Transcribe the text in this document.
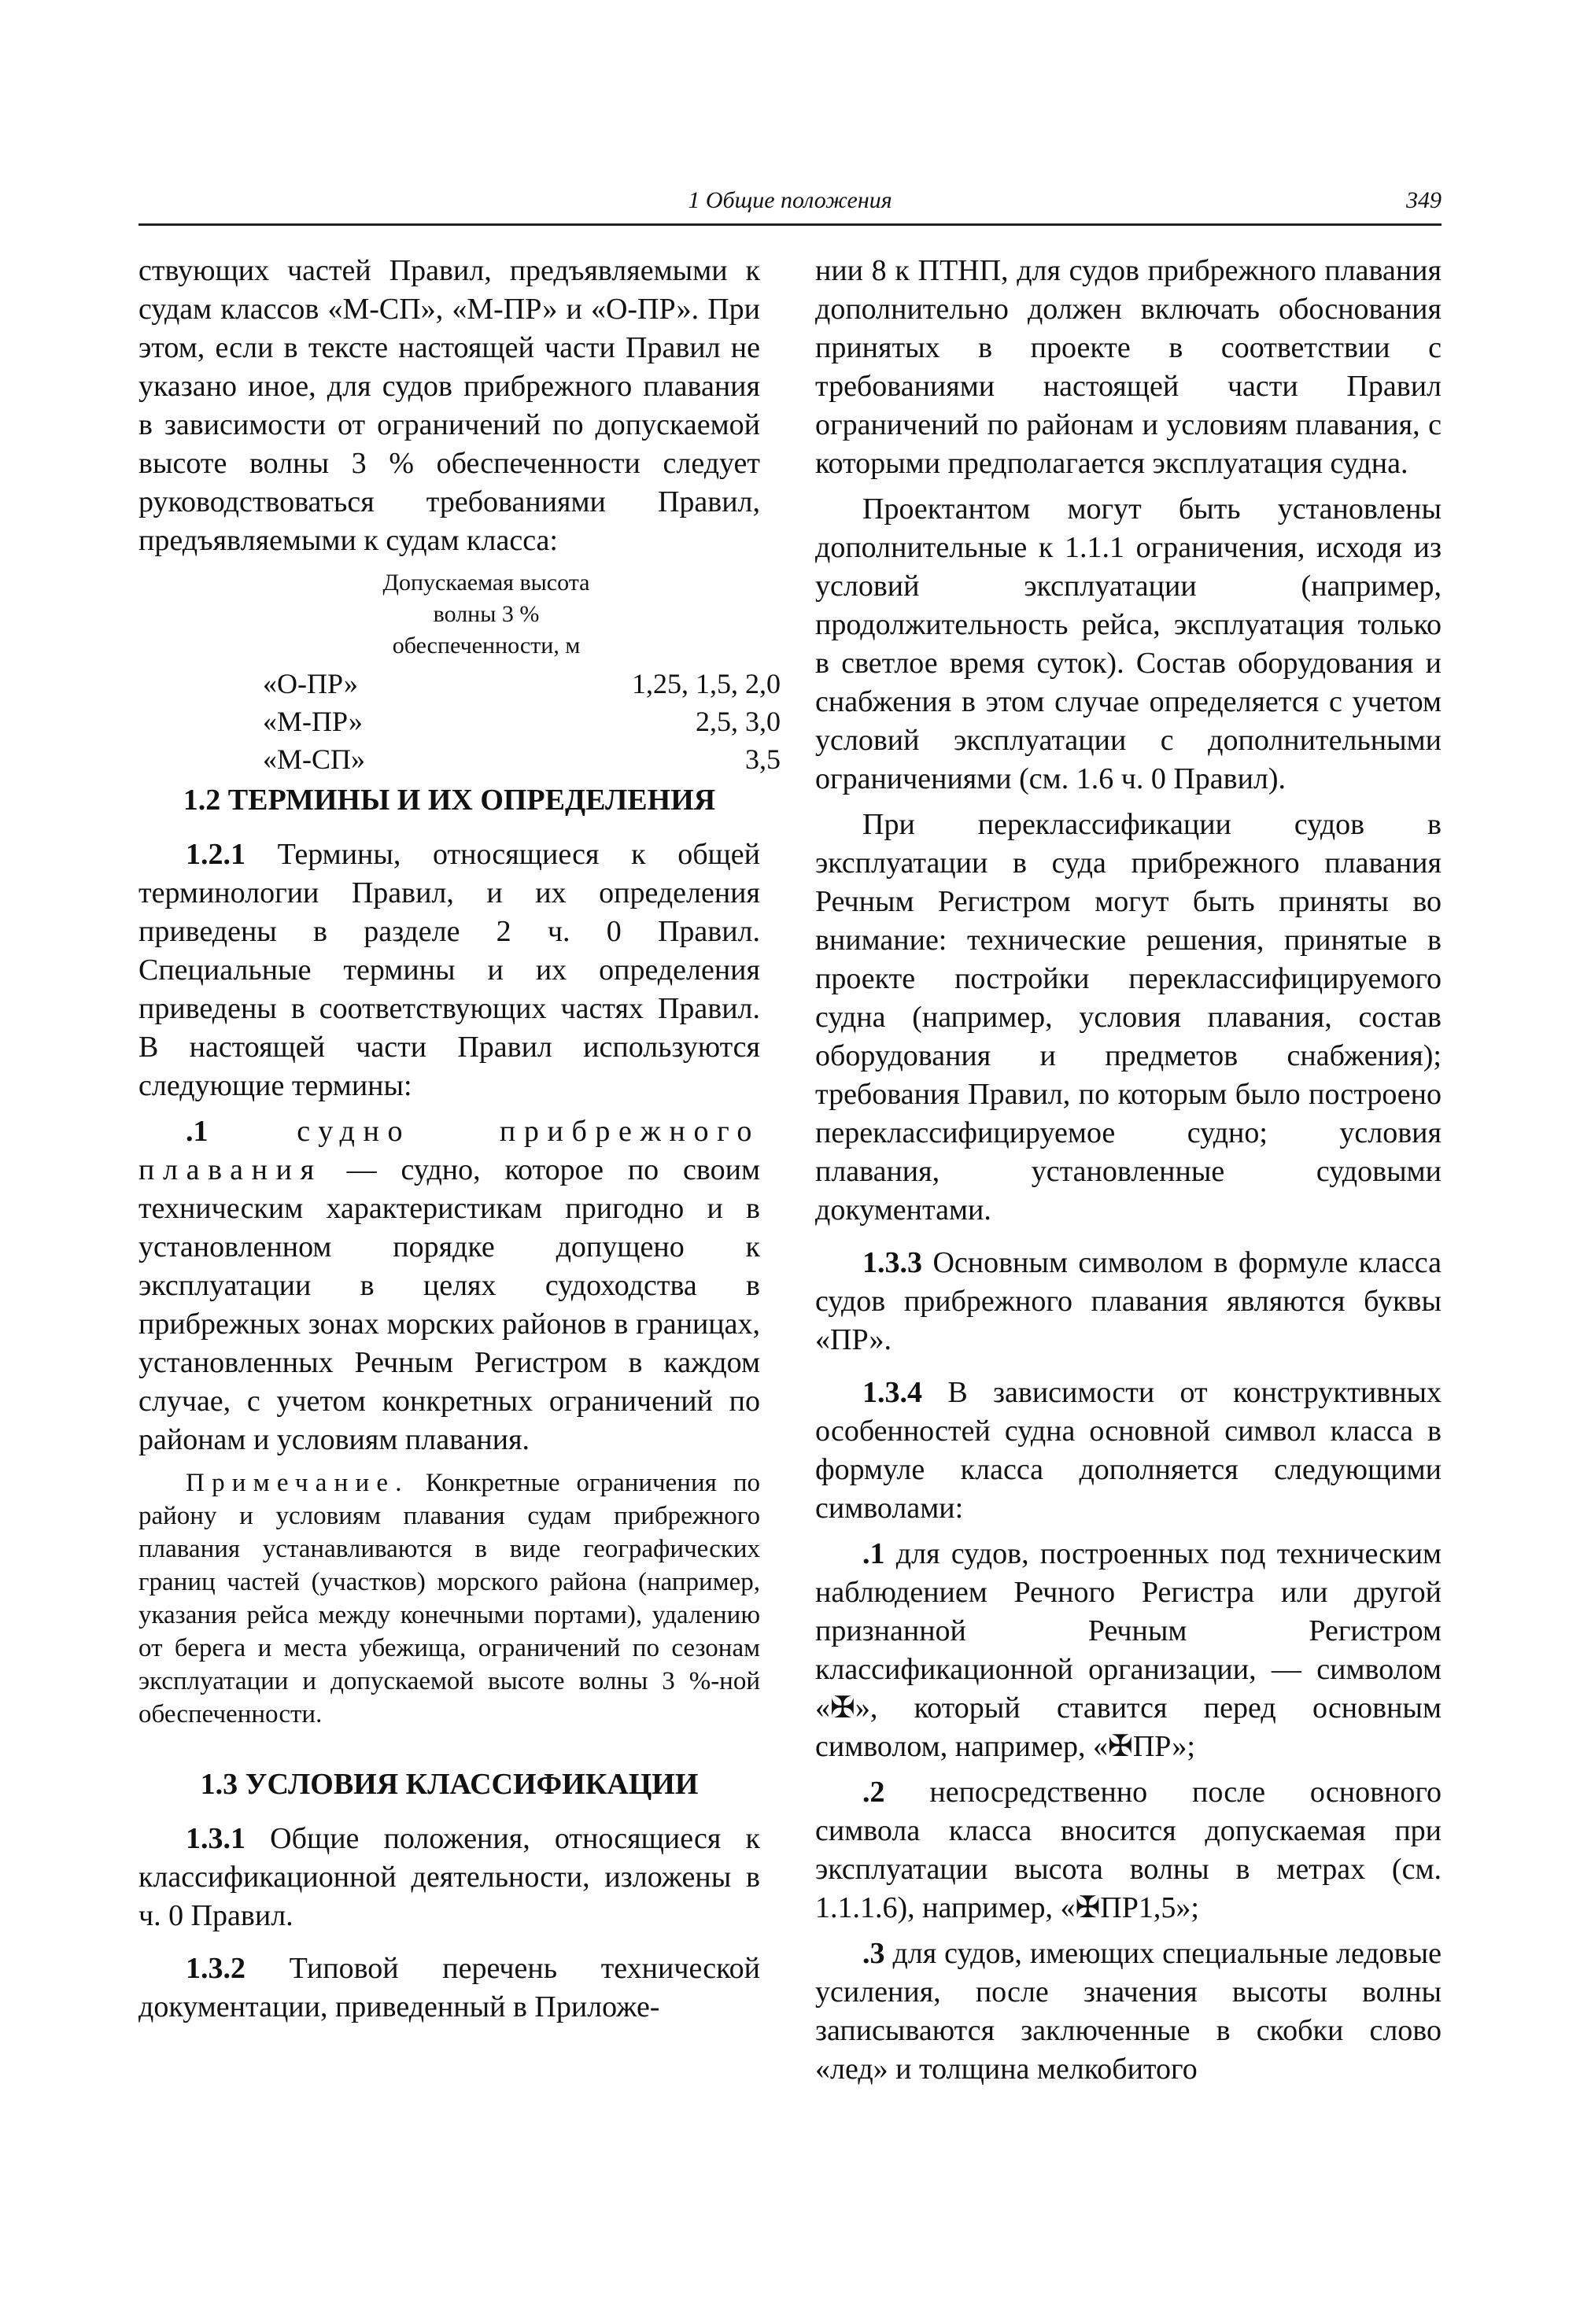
1 Общие положения	349

ствующих частей Правил, предъявляемыми к судам классов «М-СП», «М-ПР» и «О-ПР». При этом, если в тексте настоящей части Правил не указано иное, для судов прибрежного плавания в зависимости от ограничений по допускаемой высоте волны 3 % обеспеченности следует руководствоваться требованиями Правил, предъявляемыми к судам класса:

Допускаемая высота волны 3 % обеспеченности, м
«О-ПР»	1,25, 1,5, 2,0
«М-ПР»	2,5, 3,0
«М-СП»	3,5
1.2 ТЕРМИНЫ И ИХ ОПРЕДЕЛЕНИЯ

1.2.1 Термины, относящиеся к общей терминологии Правил, и их определения приведены в разделе 2 ч. 0 Правил. Специальные термины и их определения приведены в соответствующих частях Правил. В настоящей части Правил используются следующие термины:

.1 судно прибрежного плавания — судно, которое по своим техническим характеристикам пригодно и в установленном порядке допущено к эксплуатации в целях судоходства в прибрежных зонах морских районов в границах, установленных Речным Регистром в каждом случае, с учетом конкретных ограничений по районам и условиям плавания.

Примечание. Конкретные ограничения по району и условиям плавания судам прибрежного плавания устанавливаются в виде географических границ частей (участков) морского района (например, указания рейса между конечными портами), удалению от берега и места убежища, ограничений по сезонам эксплуатации и допускаемой высоте волны 3 %-ной обеспеченности.

1.3 УСЛОВИЯ КЛАССИФИКАЦИИ

1.3.1 Общие положения, относящиеся к классификационной деятельности, изложены в ч. 0 Правил.

1.3.2 Типовой перечень технической документации, приведенный в Приложе-

нии 8 к ПТНП, для судов прибрежного плавания дополнительно должен включать обоснования принятых в проекте в соответствии с требованиями настоящей части Правил ограничений по районам и условиям плавания, с которыми предполагается эксплуатация судна.

Проектантом могут быть установлены дополнительные к 1.1.1 ограничения, исходя из условий эксплуатации (например, продолжительность рейса, эксплуатация только в светлое время суток). Состав оборудования и снабжения в этом случае определяется с учетом условий эксплуатации с дополнительными ограничениями (см. 1.6 ч. 0 Правил).

При переклассификации судов в эксплуатации в суда прибрежного плавания Речным Регистром могут быть приняты во внимание: технические решения, принятые в проекте постройки переклассифицируемого судна (например, условия плавания, состав оборудования и предметов снабжения); требования Правил, по которым было построено переклассифицируемое судно; условия плавания, установленные судовыми документами.

1.3.3 Основным символом в формуле класса судов прибрежного плавания являются буквы «ПР».

1.3.4 В зависимости от конструктивных особенностей судна основной символ класса в формуле класса дополняется следующими символами:

.1 для судов, построенных под техническим наблюдением Речного Регистра или другой признанной Речным Регистром классификационной организации, — символом «✠», который ставится перед основным символом, например, «✠ПР»;

.2 непосредственно после основного символа класса вносится допускаемая при эксплуатации высота волны в метрах (см. 1.1.1.6), например, «✠ПР1,5»;

.3 для судов, имеющих специальные ледовые усиления, после значения высоты волны записываются заключенные в скобки слово «лед» и толщина мелкобитого
